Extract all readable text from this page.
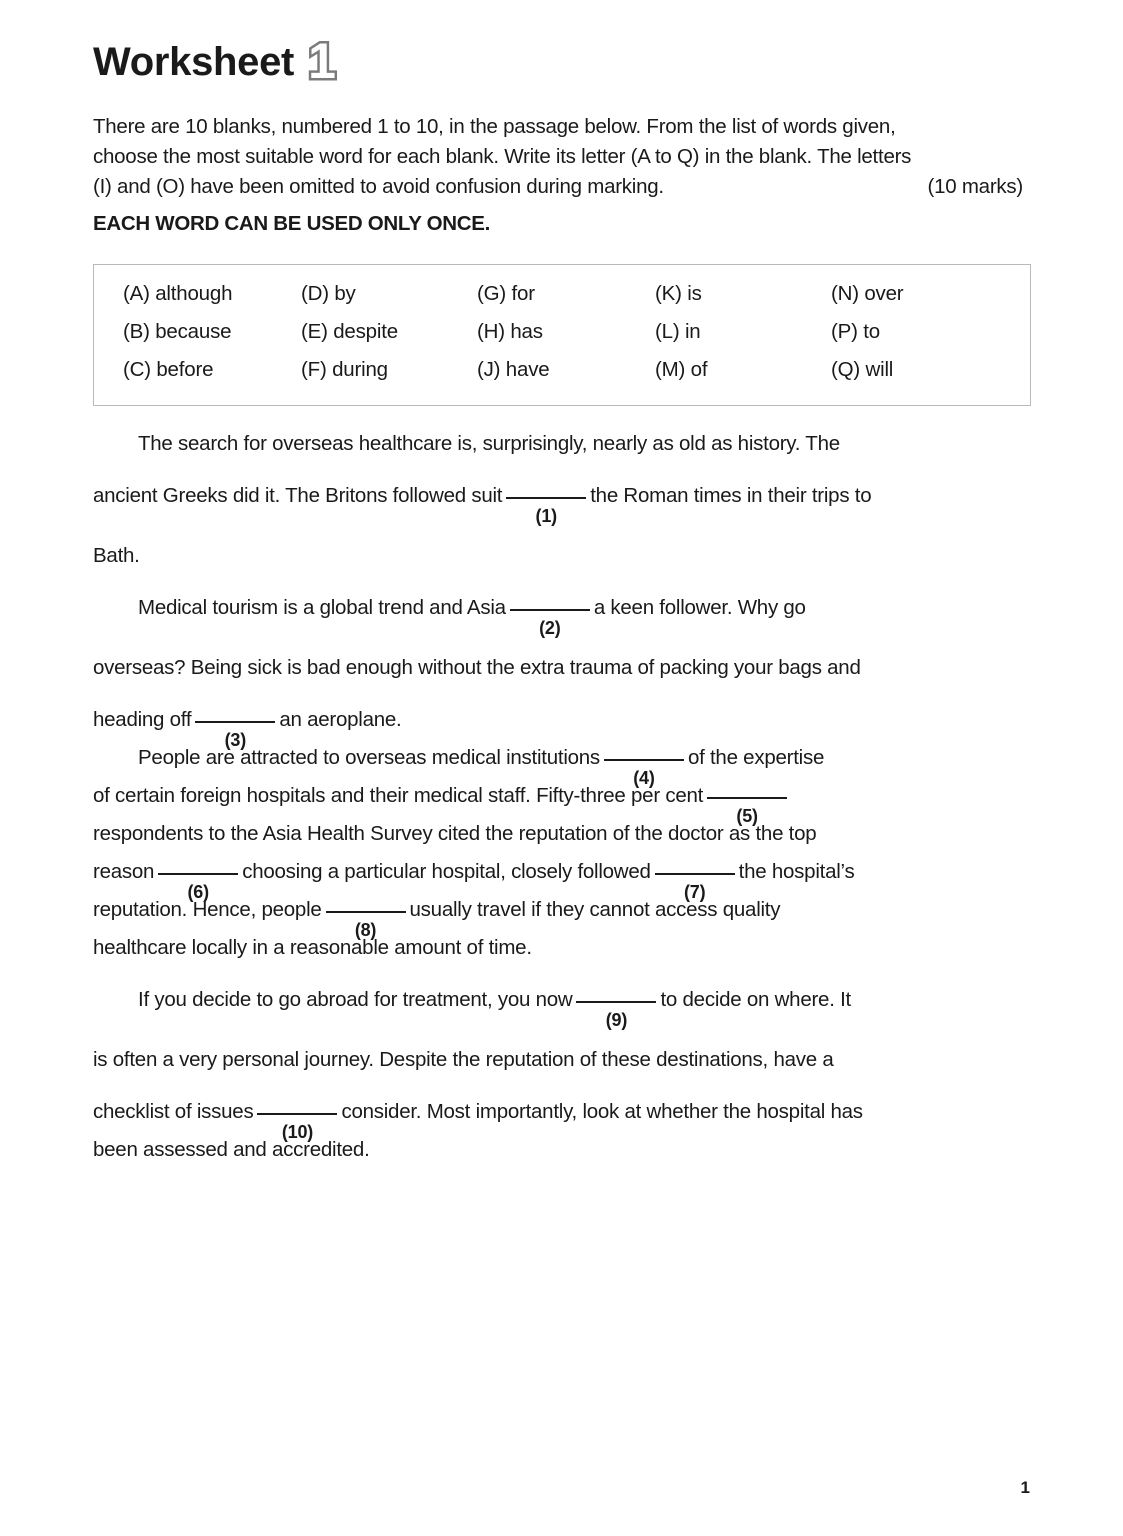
Worksheet 1
There are 10 blanks, numbered 1 to 10, in the passage below. From the list of words given,
choose the most suitable word for each blank. Write its letter (A to Q) in the blank. The letters
(I) and (O) have been omitted to avoid confusion during marking.	(10 marks)
EACH WORD CAN BE USED ONLY ONCE.
(A) although	(D) by	(G) for	(K) is	(N) over
(B) because	(E) despite	(H) has	(L) in	(P) to
(C) before	(F) during	(J) have	(M) of	(Q) will
The search for overseas healthcare is, surprisingly, nearly as old as history. The
ancient Greeks did it. The Britons followed suit
(1)
the Roman times in their trips to
Bath.
Medical tourism is a global trend and Asia
(2)
a keen follower. Why go
overseas? Being sick is bad enough without the extra trauma of packing your bags and
heading off
(3)
an aeroplane.
People are attracted to overseas medical institutions
(4)
of the expertise
of certain foreign hospitals and their medical staff. Fifty-three per cent
(5)
respondents to the Asia Health Survey cited the reputation of the doctor as the top
reason
(6)
choosing a particular hospital, closely followed
(7)
the hospital’s
reputation. Hence, people
(8)
usually travel if they cannot access quality
healthcare locally in a reasonable amount of time.
If you decide to go abroad for treatment, you now
(9)
to decide on where. It
is often a very personal journey. Despite the reputation of these destinations, have a
checklist of issues
(10)
consider. Most importantly, look at whether the hospital has
been assessed and accredited.
1
